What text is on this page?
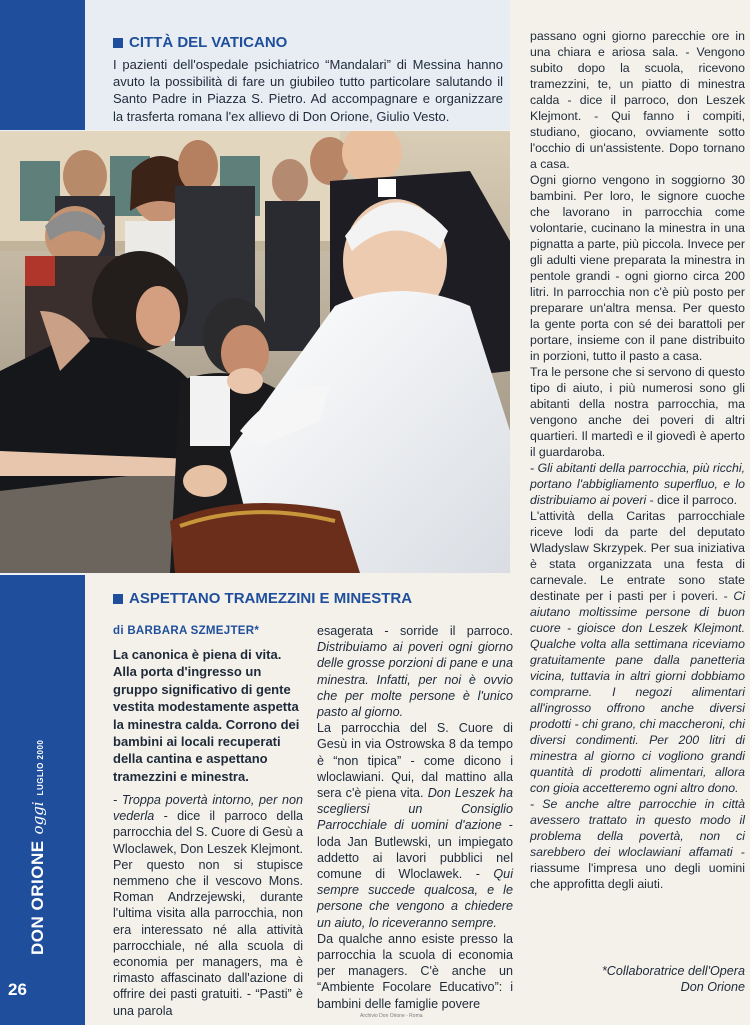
DON ORIONE
oggi
LUGLIO 2000
26
CITTÀ DEL VATICANO
I pazienti dell'ospedale psichiatrico “Mandalari” di Messina hanno avuto la possibilità di fare un giubileo tutto particolare salutando il Santo Padre in Piazza S. Pietro. Ad accompagnare e organizzare la trasferta romana l'ex allievo di Don Orione, Giulio Vesto.
ASPETTANO TRAMEZZINI E MINESTRA
di BARBARA SZMEJTER*
La canonica è piena di vita. Alla porta d'ingresso un gruppo significativo di gente vestita modestamente aspetta la minestra calda. Corrono dei bambini ai locali recuperati della cantina e aspettano tramezzini e minestra.

- Troppa povertà intorno, per non vederla - dice il parroco della parrocchia del S. Cuore di Gesù a Wloclawek, Don Leszek Klejmont. Per questo non si stupisce nemmeno che il vescovo Mons. Roman Andrzejewski, durante l'ultima visita alla parrocchia, non era interessato né alla attività parrocchiale, né alla scuola di economia per managers, ma è rimasto affascinato dall'azione di offrire dei pasti gratuiti. - “Pasti” è una parola

esagerata - sorride il parroco. Distribuiamo ai poveri ogni giorno delle grosse porzioni di pane e una minestra. Infatti, per noi è ovvio che per molte persone è l'unico pasto al giorno.

La parrocchia del S. Cuore di Gesù in via Ostrowska 8 da tempo è “non tipica” - come dicono i wloclawiani. Qui, dal mattino alla sera c'è piena vita. Don Leszek ha scegliersi un Consiglio Parrocchiale di uomini d'azione - loda Jan Butlewski, un impiegato addetto ai lavori pubblici nel comune di Wloclawek. - Qui sempre succede qualcosa, e le persone che vengono a chiedere un aiuto, lo riceveranno sempre.

Da qualche anno esiste presso la parrocchia la scuola di economia per managers. C'è anche un “Ambiente Focolare Educativo”: i bambini delle famiglie povere

passano ogni giorno parecchie ore in una chiara e ariosa sala. - Vengono subito dopo la scuola, ricevono tramezzini, te, un piatto di minestra calda - dice il parroco, don Leszek Klejmont. - Qui fanno i compiti, studiano, giocano, ovviamente sotto l'occhio di un'assistente. Dopo tornano a casa.

Ogni giorno vengono in soggiorno 30 bambini. Per loro, le signore cuoche che lavorano in parrocchia come volontarie, cucinano la minestra in una pignatta a parte, più piccola. Invece per gli adulti viene preparata la minestra in pentole grandi - ogni giorno circa 200 litri. In parrocchia non c'è più posto per preparare un'altra mensa. Per questo la gente porta con sé dei barattoli per portare, insieme con il pane distribuito in porzioni, tutto il pasto a casa.

Tra le persone che si servono di questo tipo di aiuto, i più numerosi sono gli abitanti della nostra parrocchia, ma vengono anche dei poveri di altri quartieri. Il martedì e il giovedì è aperto il guardaroba.

- Gli abitanti della parrocchia, più ricchi, portano l'abbigliamento superfluo, e lo distribuiamo ai poveri - dice il parroco.

L'attività della Caritas parrocchiale riceve lodi da parte del deputato Wladyslaw Skrzypek. Per sua iniziativa è stata organizzata una festa di carnevale. Le entrate sono state destinate per i pasti per i poveri. - Ci aiutano moltissime persone di buon cuore - gioisce don Leszek Klejmont. Qualche volta alla settimana riceviamo gratuitamente pane dalla panetteria vicina, tuttavia in altri giorni dobbiamo comprarne. I negozi alimentari all'ingrosso offrono anche diversi prodotti - chi grano, chi maccheroni, chi diversi condimenti. Per 200 litri di minestra al giorno ci vogliono grandi quantità di prodotti alimentari, allora con gioia accetteremo ogni altro dono.

- Se anche altre parrocchie in città avessero trattato in questo modo il problema della povertà, non ci sarebbero dei wloclawiani affamati - riassume l'impresa uno degli uomini che approfitta degli aiuti.

*Collaboratrice dell'Opera Don Orione
Archivio Don Orione - Roma
